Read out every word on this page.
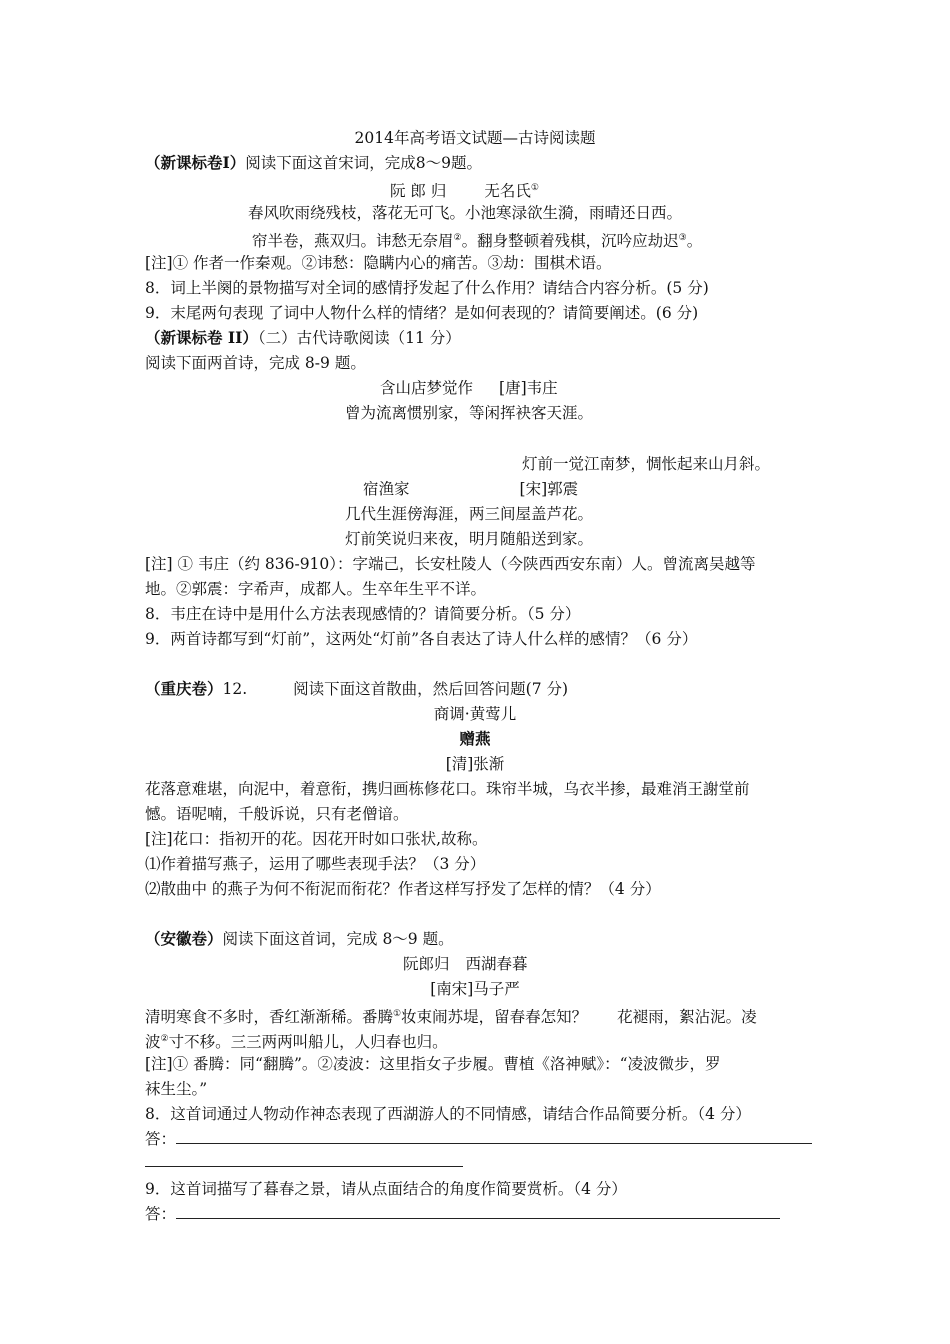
2014年高考语文试题—古诗阅读题
（新课标卷Ⅰ）阅读下面这首宋词，完成8～9题。
阮 郎 归 无名氏①
春风吹雨绕残枝，落花无可飞。小池寒渌欲生漪，雨晴还日西。
帘半卷，燕双归。讳愁无奈眉②。翻身整顿着残棋，沉吟应劫迟③。
[注]① 作者一作秦观。②讳愁：隐瞒内心的痛苦。③劫：围棋术语。
8．词上半阕的景物描写对全词的感情抒发起了什么作用？请结合内容分析。(5 分)
9．末尾两句表现 了词中人物什么样的情绪？是如何表现的？请简要阐述。(6 分)
（新课标卷 II）（二）古代诗歌阅读（11 分）
阅读下面两首诗，完成 8-9 题。
含山店梦觉作 [唐]韦庄
曾为流离惯别家，等闲挥袂客天涯。
灯前一觉江南梦，惆怅起来山月斜。
宿渔家	[宋]郭震
几代生涯傍海涯，两三间屋盖芦花。
灯前笑说归来夜，明月随船送到家。
[注] ① 韦庄（约 836-910）：字端己，长安杜陵人（今陕西西安东南）人。曾流离吴越等
地。②郭震：字希声，成都人。生卒年生平不详。
8．韦庄在诗中是用什么方法表现感情的？请简要分析。（5 分）
9．两首诗都写到“灯前”，这两处“灯前”各自表达了诗人什么样的感情？（6 分）
（重庆卷）12.	阅读下面这首散曲，然后回答问题(7 分)
商调·黄莺儿
赠燕
[清]张渐
花落意难堪，向泥中，着意衔，携归画栋修花口。珠帘半城，乌衣半掺，最难消王謝堂前
憾。语呢喃，千般诉说，只有老僧谙。
[注]花口：指初开的花。因花开时如口张状,故称。
⑴作着描写燕子，运用了哪些表现手法？（3 分）
⑵散曲中 的燕子为何不衔泥而衔花？作者这样写抒发了怎样的情？（4 分）
（安徽卷）阅读下面这首词，完成 8～9 题。
阮郎归 西湖春暮
[南宋]马子严
清明寒食不多时，香红渐渐稀。番腾①妆束闹苏堤，留春春怎知？ 花褪雨，絮沾泥。凌
波②寸不移。三三两两叫船儿，人归春也归。
[注]① 番腾：同“翻腾”。②凌波：这里指女子步履。曹植《洛神赋》：“凌波微步，罗
袜生尘。”
8．这首词通过人物动作神态表现了西湖游人的不同情感，请结合作品简要分析。（4 分）
答：
9．这首词描写了暮春之景，请从点面结合的角度作简要赏析。（4 分）
答：
